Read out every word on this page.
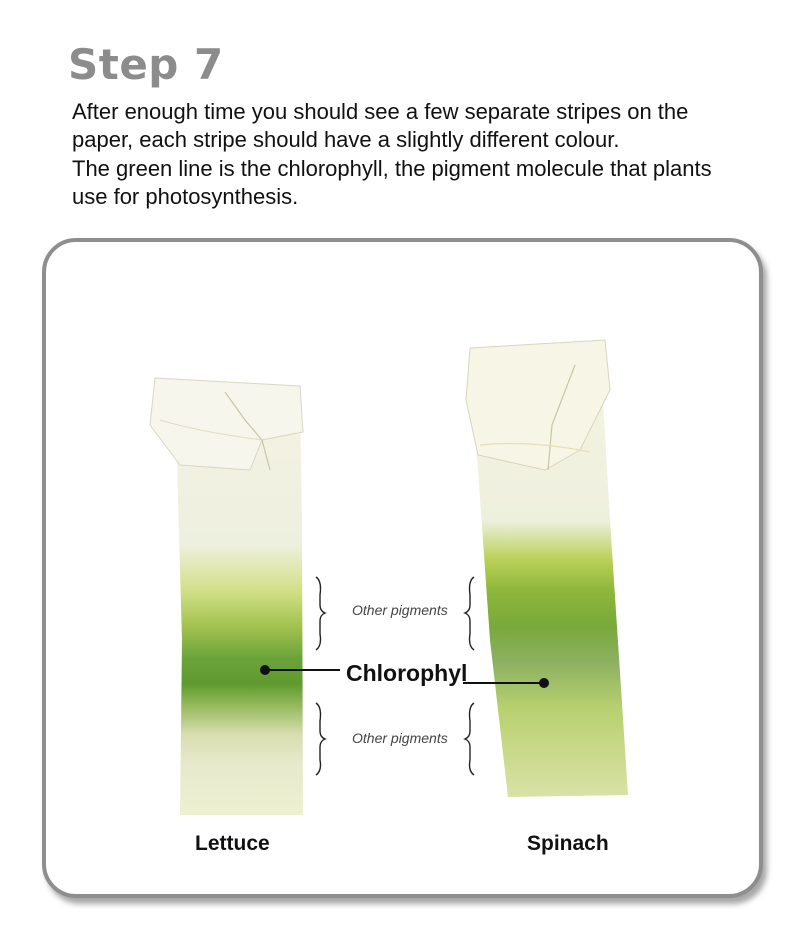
Step 7
After enough time you should see a few separate stripes on the
paper, each stripe should have a slightly different colour.
The green line is the chlorophyll, the pigment molecule that plants
use for photosynthesis.
Other pigments
Chlorophyl
Other pigments
Lettuce	Spinach
